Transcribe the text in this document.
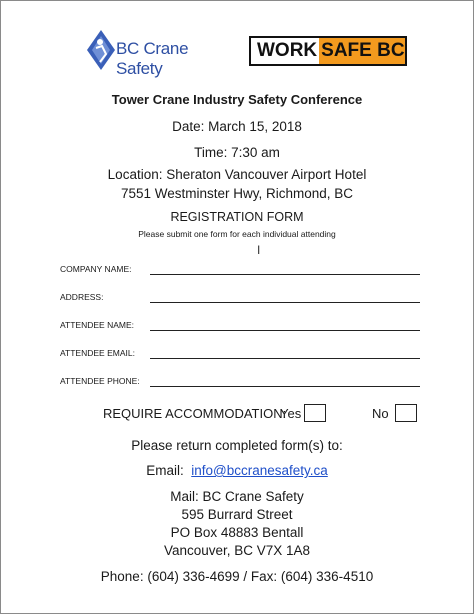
BC Crane Safety
WORK SAFE BC
Tower Crane Industry Safety Conference
Date: March 15, 2018
Time: 7:30 am
Location: Sheraton Vancouver Airport Hotel
7551 Westminster Hwy, Richmond, BC
REGISTRATION FORM
Please submit one form for each individual attending
I
COMPANY NAME:
ADDRESS:
ATTENDEE NAME:
ATTENDEE EMAIL:
ATTENDEE PHONE:
REQUIRE ACCOMMODATION:
Yes	No
Please return completed form(s) to:
Email: info@bccranesafety.ca
Mail: BC Crane Safety
595 Burrard Street
PO Box 48883 Bentall
Vancouver, BC V7X 1A8
Phone: (604) 336-4699 / Fax: (604) 336-4510
